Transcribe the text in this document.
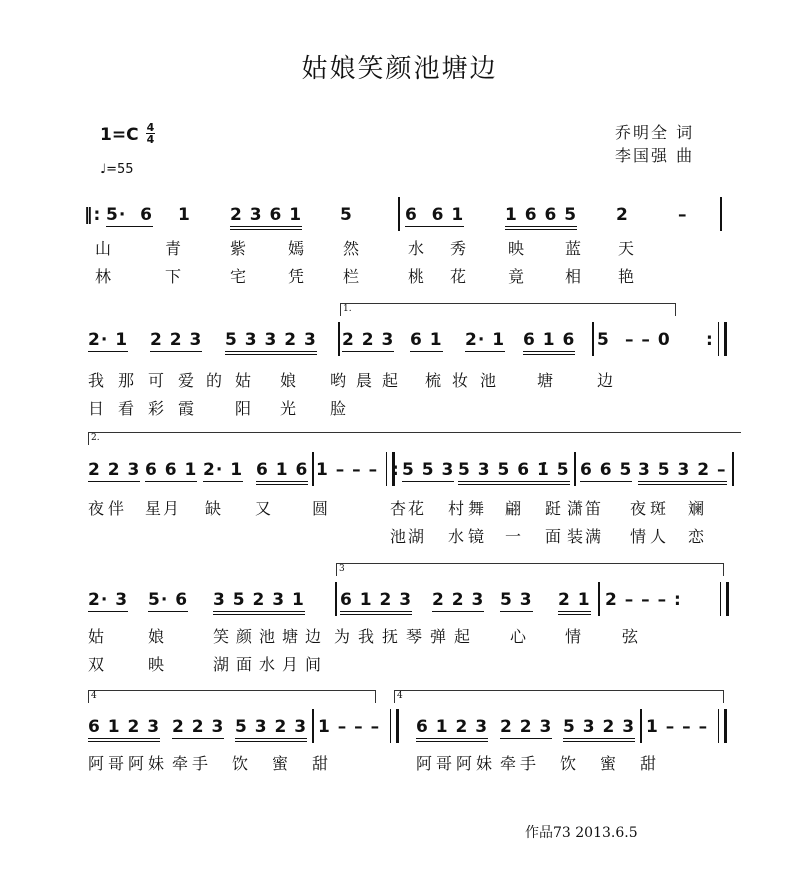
姑娘笑颜池塘边
1=C 4
4
♩=55
乔明全 词
李国强 曲
作品73 2013.6.5
‖: 5·  6 1 2 3 6 1 5	6  6 1 1 6 6 5 2	–
山	青	紫	嫣 然	水 秀	映	蓝 天
林	下	宅	凭 栏	桃 花	竟	相 艳
1.
2· 1 2 2 3 5 3 3 2 3 2 2 3 6 1 2· 1 6 1 6 5 – – 0 :
我 那 可 爱 的 姑 娘 哟 晨 起 梳 妆 池	塘	边
日 看 彩 霞	阳 光 脸
2.
2 2 3 6 6 1 2· 1 6 1 6 1 – – – : 5 5 3 5 3 5 6 1̇ 5 6 6 5 3 5 3 2 –
夜 伴 星 月 缺 又	圆	杏 花 村 舞 翩 跹 潇 笛 夜 斑 斓
池 湖 水 镜 一 面 装 满 情 人 恋
3
2· 3 5· 6 3 5 2 3 1 6 1 2 3 2 2 3 5 3 2 1 2 – – – :
姑	娘	笑 颜 池 塘 边 为 我 抚 琴 弹 起 心 情	弦
双	映	湖 面 水 月 间
4	4
6 1 2 3 2 2 3 5 3 2 3 1 – – – 6 1 2 3 2 2 3 5 3 2 3 1 – – –
阿 哥 阿 妹 牵 手 饮 蜜 甜	阿 哥 阿 妹 牵 手 饮 蜜 甜
